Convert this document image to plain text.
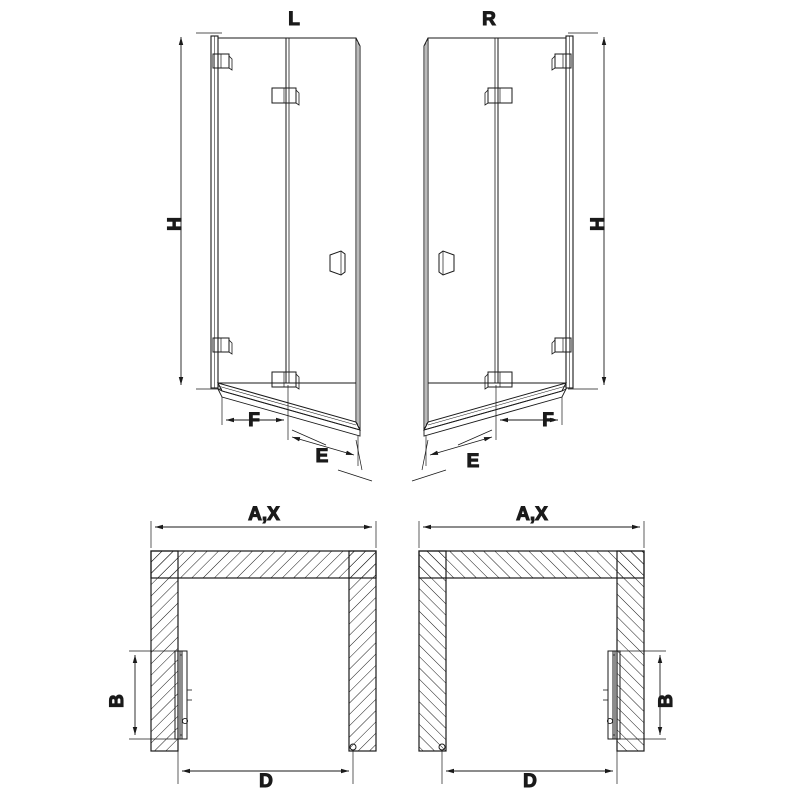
L
H
F
E
R
H
F
E
A,X
B
D
A,X
B
D
